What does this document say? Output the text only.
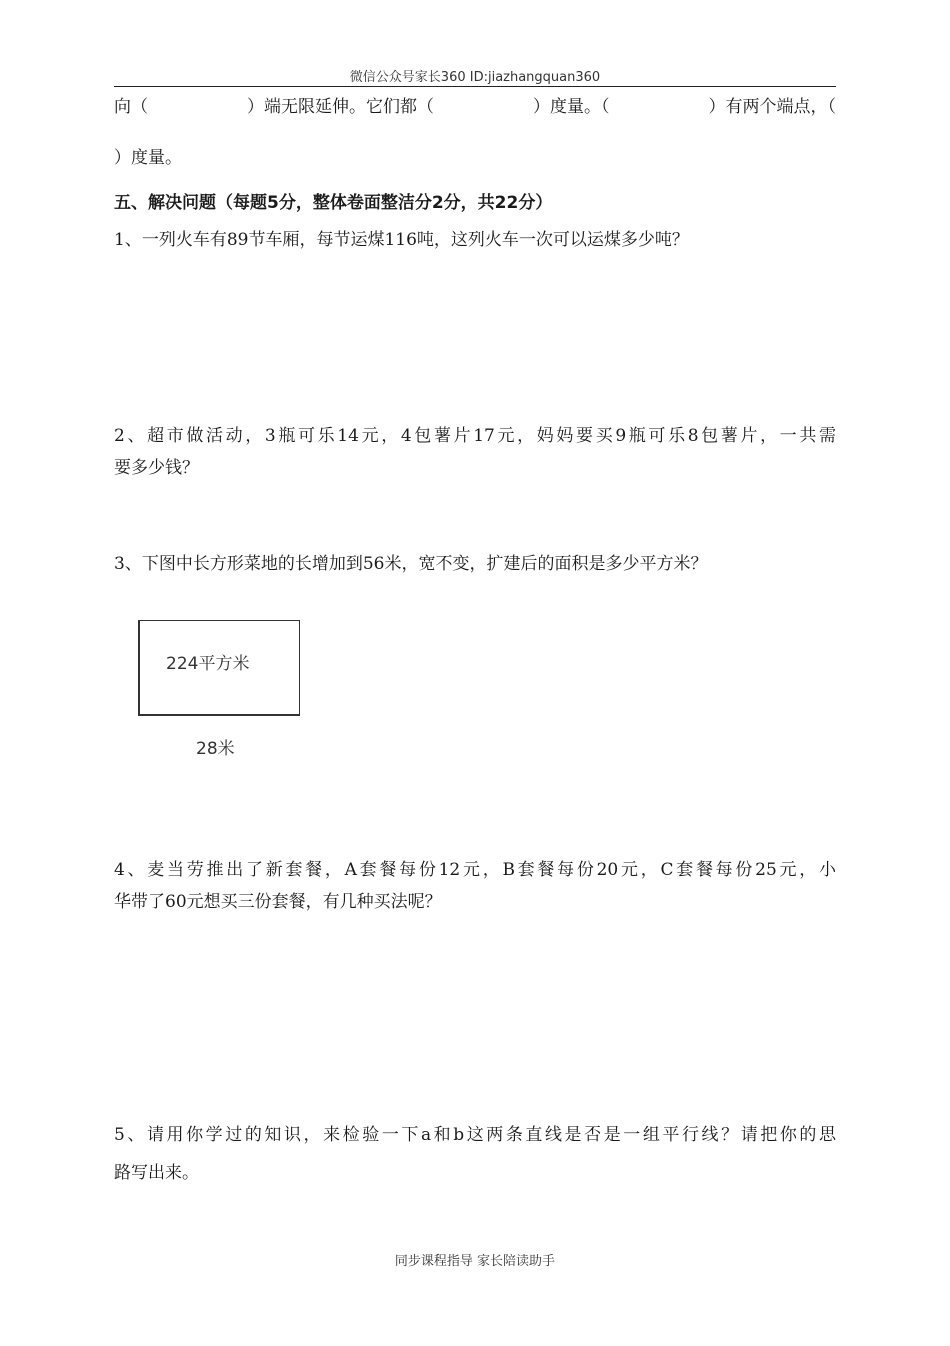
微信公众号家长360 ID:jiazhangquan360
向（	）端无限延伸。它们都（	）度量。（	）有两个端点，（
）度量。
五、解决问题（每题5分，整体卷面整洁分2分，共22分）
1、一列火车有89节车厢，每节运煤116吨，这列火车一次可以运煤多少吨？
2、超市做活动，3瓶可乐14元，4包薯片17元，妈妈要买9瓶可乐8包薯片，一共需
要多少钱？
3、下图中长方形菜地的长增加到56米，宽不变，扩建后的面积是多少平方米？
224平方米
28米
4、麦当劳推出了新套餐，A套餐每份12元，B套餐每份20元，C套餐每份25元，小
华带了60元想买三份套餐，有几种买法呢？
5、请用你学过的知识，来检验一下a和b这两条直线是否是一组平行线？请把你的思
路写出来。
同步课程指导 家长陪读助手
